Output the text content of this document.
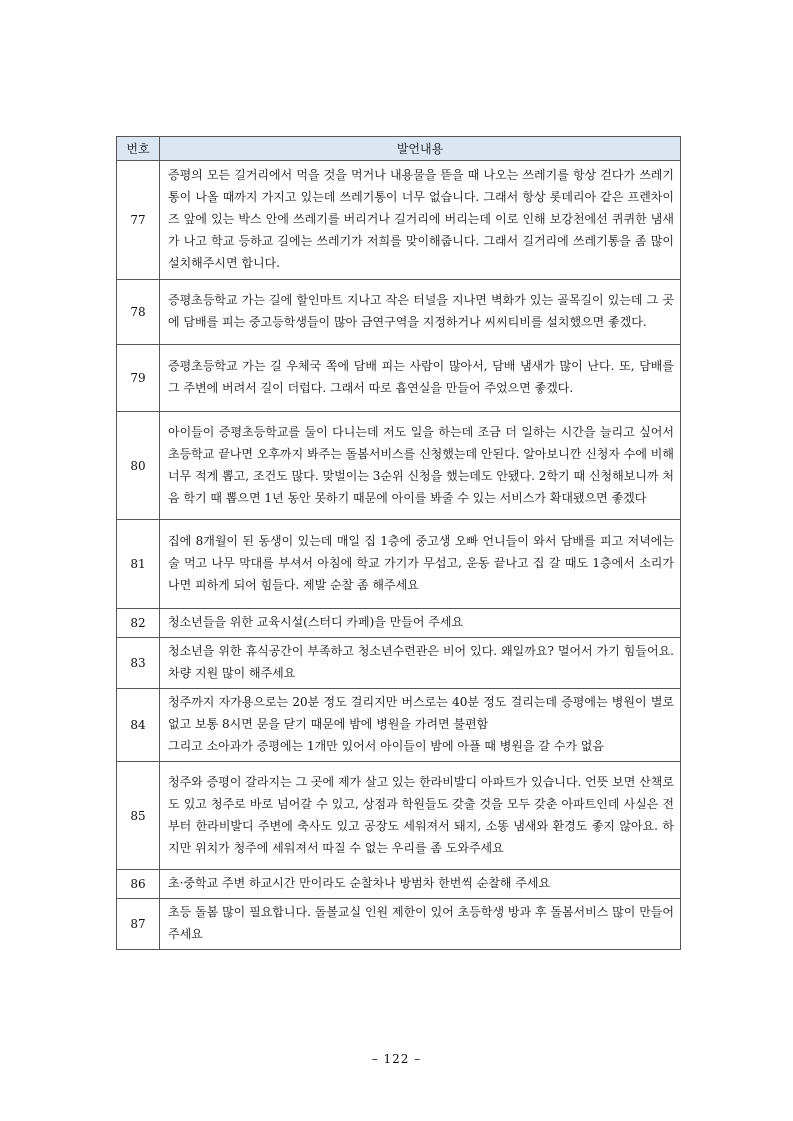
번호	발언내용
77	증평의 모든 길거리에서 먹을 것을 먹거나 내용물을 뜯을 때 나오는 쓰레기를 항상 걷다가 쓰레기통이 나올 때까지 가지고 있는데 쓰레기통이 너무 없습니다. 그래서 항상 롯데리아 같은 프렌차이즈 앞에 있는 박스 안에 쓰레기를 버리거나 길거리에 버리는데 이로 인해 보강천에선 퀴퀴한 냄새가 나고 학교 등하교 길에는 쓰레기가 저희를 맞이해줍니다. 그래서 길거리에 쓰레기통을 좀 많이 설치해주시면 합니다.

78	증평초등학교 가는 길에 할인마트 지나고 작은 터널을 지나면 벽화가 있는 골목길이 있는데 그 곳에 담배를 피는 중고등학생들이 많아 금연구역을 지정하거나 씨씨티비를 설치했으면 좋겠다.

79	증평초등학교 가는 길 우체국 쪽에 담배 피는 사람이 많아서, 담배 냄새가 많이 난다. 또, 담배를 그 주변에 버려서 길이 더럽다. 그래서 따로 흡연실을 만들어 주었으면 좋겠다.

80	아이들이 증평초등학교를 둘이 다니는데 저도 일을 하는데 조금 더 일하는 시간을 늘리고 싶어서 초등학교 끝나면 오후까지 봐주는 돌봄서비스를 신청했는데 안된다. 알아보니깐 신청자 수에 비해 너무 적게 뽑고, 조건도 많다. 맞벌이는 3순위 신청을 했는데도 안됐다. 2학기 때 신청해보니까 처음 학기 때 뽑으면 1년 동안 못하기 때문에 아이를 봐줄 수 있는 서비스가 확대됐으면 좋겠다

81	집에 8개월이 된 동생이 있는데 매일 집 1층에 중고생 오빠 언니들이 와서 담배를 피고 저녁에는 술 먹고 나무 막대를 부셔서 아침에 학교 가기가 무섭고, 운동 끝나고 집 갈 때도 1층에서 소리가 나면 피하게 되어 힘들다. 제발 순찰 좀 해주세요

82	청소년들을 위한 교육시설(스터디 카페)을 만들어 주세요

83	청소년을 위한 휴식공간이 부족하고 청소년수련관은 비어 있다. 왜일까요? 멀어서 가기 힘들어요. 차량 지원 많이 해주세요

84	청주까지 자가용으로는 20분 정도 걸리지만 버스로는 40분 정도 걸리는데 증평에는 병원이 별로 없고 보통 8시면 문을 닫기 때문에 밤에 병원을 가려면 불편함

그리고 소아과가 증평에는 1개만 있어서 아이들이 밤에 아플 때 병원을 갈 수가 없음

85	청주와 증평이 갈라지는 그 곳에 제가 살고 있는 한라비발디 아파트가 있습니다. 언뜻 보면 산책로도 있고 청주로 바로 넘어갈 수 있고, 상점과 학원들도 갖출 것을 모두 갖춘 아파트인데 사실은 전부터 한라비발디 주변에 축사도 있고 공장도 세워져서 돼지, 소똥 냄새와 환경도 좋지 않아요. 하지만 위치가 청주에 세워져서 따질 수 없는 우리를 좀 도와주세요

86	초·중학교 주변 하교시간 만이라도 순찰차나 방범차 한번씩 순찰해 주세요

87	초등 돌봄 많이 필요합니다. 돌볼교실 인원 제한이 있어 초등학생 방과 후 돌봄서비스 많이 만들어 주세요

– 122 –
